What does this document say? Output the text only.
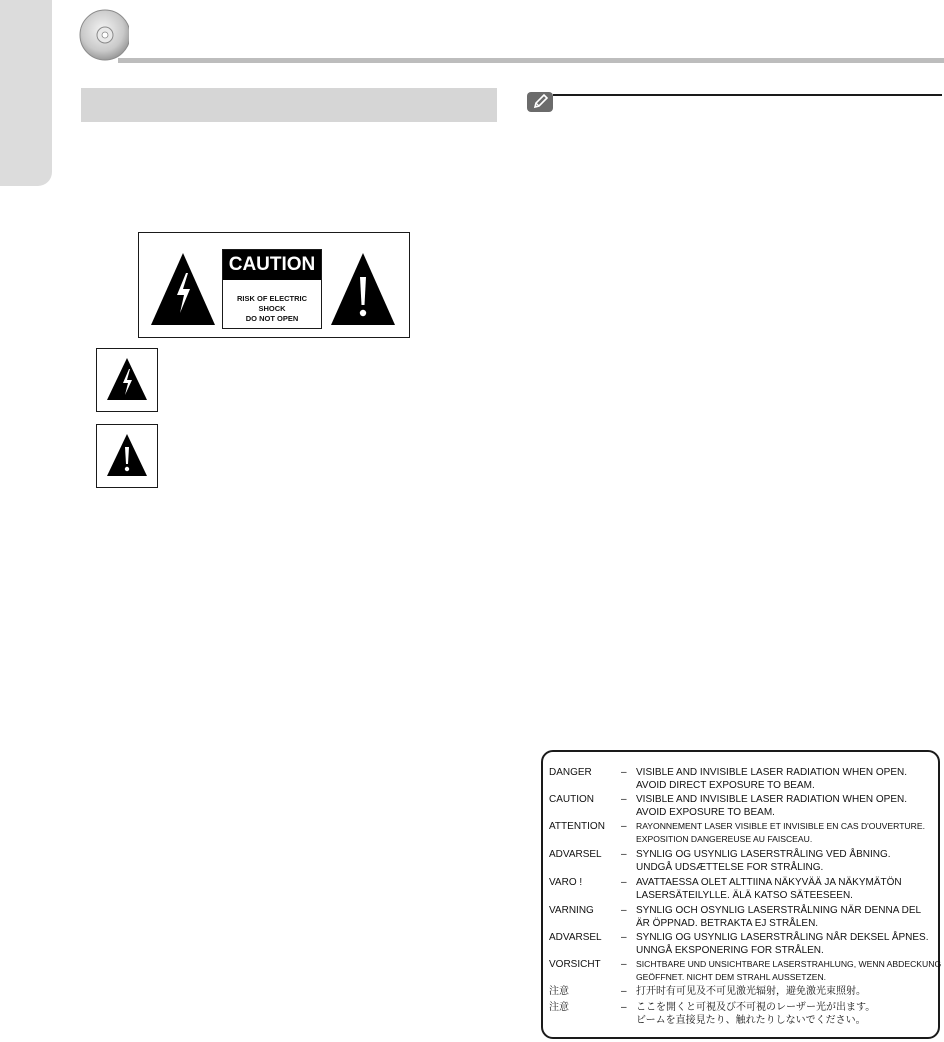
CAUTION
RISK OF ELECTRIC SHOCK
DO NOT OPEN
DANGER	– VISIBLE AND INVISIBLE LASER RADIATION WHEN OPEN.
AVOID DIRECT EXPOSURE TO BEAM.
CAUTION	– VISIBLE AND INVISIBLE LASER RADIATION WHEN OPEN.
AVOID EXPOSURE TO BEAM.
ATTENTION	– RAYONNEMENT LASER VISIBLE ET INVISIBLE EN CAS D'OUVERTURE.
EXPOSITION DANGEREUSE AU FAISCEAU.
ADVARSEL	– SYNLIG OG USYNLIG LASERSTRÅLING VED ÅBNING.
UNDGÅ UDSÆTTELSE FOR STRÅLING.
VARO !	– AVATTAESSA OLET ALTTIINA NÄKYVÄÄ JA NÄKYMÄTÖN
LASERSÄTEILYLLE. ÄLÄ KATSO SÄTEESEEN.
VARNING	– SYNLIG OCH OSYNLIG LASERSTRÅLNING NÄR DENNA DEL
ÄR ÖPPNAD. BETRAKTA EJ STRÅLEN.
ADVARSEL	– SYNLIG OG USYNLIG LASERSTRÅLING NÅR DEKSEL ÅPNES.
UNNGÅ EKSPONERING FOR STRÅLEN.
VORSICHT	– SICHTBARE UND UNSICHTBARE LASERSTRAHLUNG, WENN ABDECKUNG
GEÖFFNET. NICHT DEM STRAHL AUSSETZEN.
注意	– 打开时有可见及不可见激光辐射，避免激光束照射。
注意	– ここを開くと可視及び不可視のレーザー光が出ます。
ビームを直接見たり、触れたりしないでください。
